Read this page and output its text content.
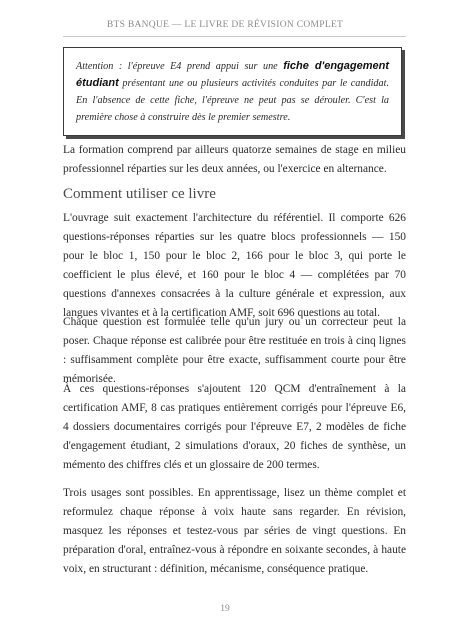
BTS BANQUE — LE LIVRE DE RÉVISION COMPLET
Attention : l'épreuve E4 prend appui sur une fiche d'engagement étudiant présentant une ou plusieurs activités conduites par le candidat. En l'absence de cette fiche, l'épreuve ne peut pas se dérouler. C'est la première chose à construire dès le premier semestre.

La formation comprend par ailleurs quatorze semaines de stage en milieu professionnel réparties sur les deux années, ou l'exercice en alternance.

Comment utiliser ce livre

L'ouvrage suit exactement l'architecture du référentiel. Il comporte 626 questions-réponses réparties sur les quatre blocs professionnels — 150 pour le bloc 1, 150 pour le bloc 2, 166 pour le bloc 3, qui porte le coefficient le plus élevé, et 160 pour le bloc 4 — complétées par 70 questions d'annexes consacrées à la culture générale et expression, aux langues vivantes et à la certification AMF, soit 696 questions au total.

Chaque question est formulée telle qu'un jury ou un correcteur peut la poser. Chaque réponse est calibrée pour être restituée en trois à cinq lignes : suffisamment complète pour être exacte, suffisamment courte pour être mémorisée.

À ces questions-réponses s'ajoutent 120 QCM d'entraînement à la certification AMF, 8 cas pratiques entièrement corrigés pour l'épreuve E6, 4 dossiers documentaires corrigés pour l'épreuve E7, 2 modèles de fiche d'engagement étudiant, 2 simulations d'oraux, 20 fiches de synthèse, un mémento des chiffres clés et un glossaire de 200 termes.

Trois usages sont possibles. En apprentissage, lisez un thème complet et reformulez chaque réponse à voix haute sans regarder. En révision, masquez les réponses et testez-vous par séries de vingt questions. En préparation d'oral, entraînez-vous à répondre en soixante secondes, à haute voix, en structurant : définition, mécanisme, conséquence pratique.

19
